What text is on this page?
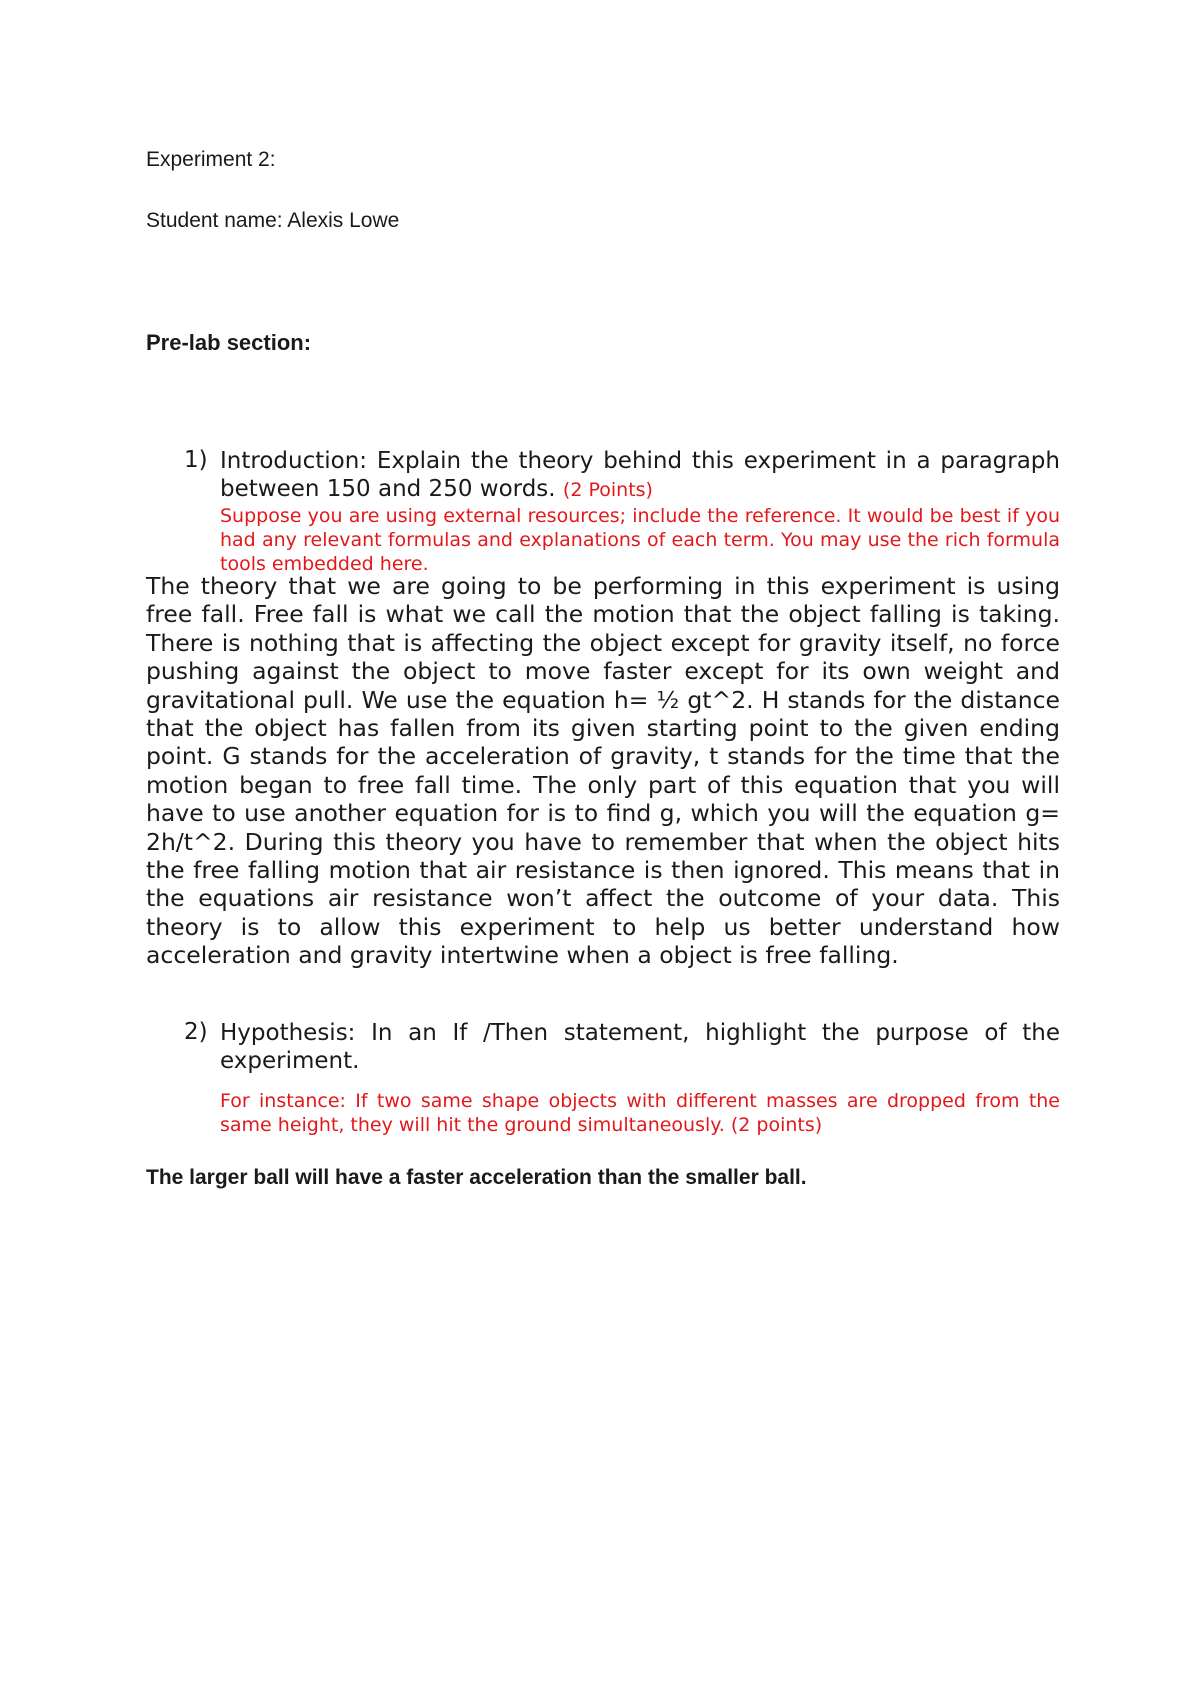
Experiment 2:

Student name: Alexis Lowe

Pre-lab section:

1) Introduction: Explain the theory behind this experiment in a paragraph between 150 and 250 words. (2 Points)
Suppose you are using external resources; include the reference. It would be best if you had any relevant formulas and explanations of each term. You may use the rich formula tools embedded here.

The theory that we are going to be performing in this experiment is using free fall. Free fall is what we call the motion that the object falling is taking. There is nothing that is affecting the object except for gravity itself, no force pushing against the object to move faster except for its own weight and gravitational pull. We use the equation h= ½ gt^2. H stands for the distance that the object has fallen from its given starting point to the given ending point. G stands for the acceleration of gravity, t stands for the time that the motion began to free fall time. The only part of this equation that you will have to use another equation for is to find g, which you will the equation g= 2h/t^2. During this theory you have to remember that when the object hits the free falling motion that air resistance is then ignored. This means that in the equations air resistance won’t affect the outcome of your data. This theory is to allow this experiment to help us better understand how acceleration and gravity intertwine when a object is free falling.

2) Hypothesis: In an If /Then statement, highlight the purpose of the experiment.
For instance: If two same shape objects with different masses are dropped from the same height, they will hit the ground simultaneously. (2 points)

The larger ball will have a faster acceleration than the smaller ball.
